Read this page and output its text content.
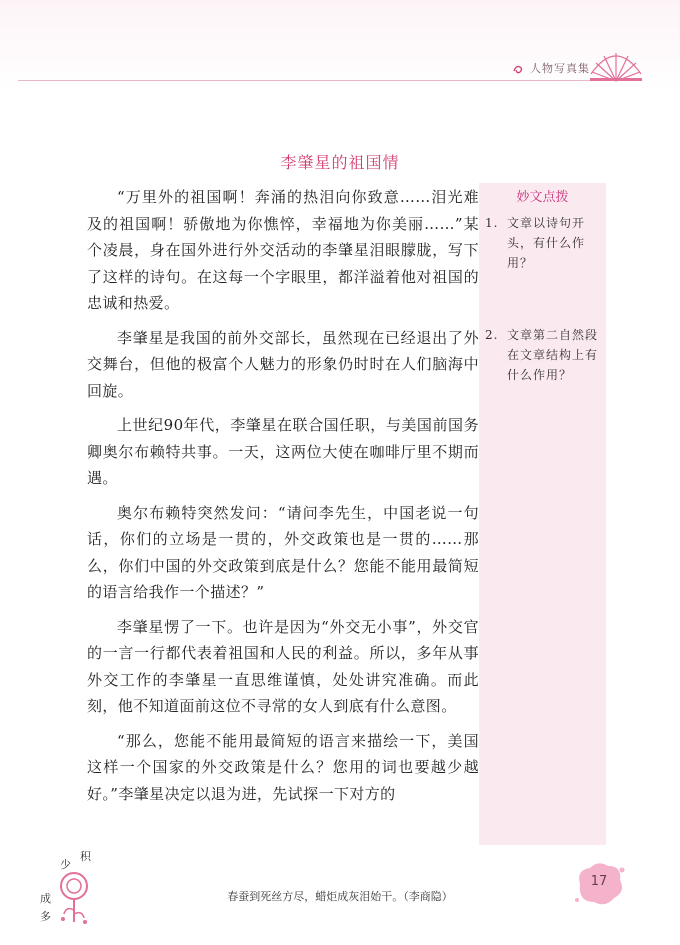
人物写真集
李肇星的祖国情

“万里外的祖国啊！奔涌的热泪向你致意……泪光难及的祖国啊！骄傲地为你憔悴，幸福地为你美丽……”某个凌晨，身在国外进行外交活动的李肇星泪眼朦胧，写下了这样的诗句。在这每一个字眼里，都洋溢着他对祖国的忠诚和热爱。

李肇星是我国的前外交部长，虽然现在已经退出了外交舞台，但他的极富个人魅力的形象仍时时在人们脑海中回旋。

上世纪90年代，李肇星在联合国任职，与美国前国务卿奥尔布赖特共事。一天，这两位大使在咖啡厅里不期而遇。

奥尔布赖特突然发问：“请问李先生，中国老说一句话，你们的立场是一贯的，外交政策也是一贯的……那么，你们中国的外交政策到底是什么？您能不能用最简短的语言给我作一个描述？”

李肇星愣了一下。也许是因为“外交无小事”，外交官的一言一行都代表着祖国和人民的利益。所以，多年从事外交工作的李肇星一直思维谨慎，处处讲究准确。而此刻，他不知道面前这位不寻常的女人到底有什么意图。

“那么，您能不能用最简短的语言来描绘一下，美国这样一个国家的外交政策是什么？您用的词也要越少越好。”李肇星决定以退为进，先试探一下对方的

妙文点拨
1. 文章以诗句开头，有什么作用？
2. 文章第二自然段在文章结构上有什么作用？
少
积
成
多
春蚕到死丝方尽，蜡炬成灰泪始干。（李商隐）
17
